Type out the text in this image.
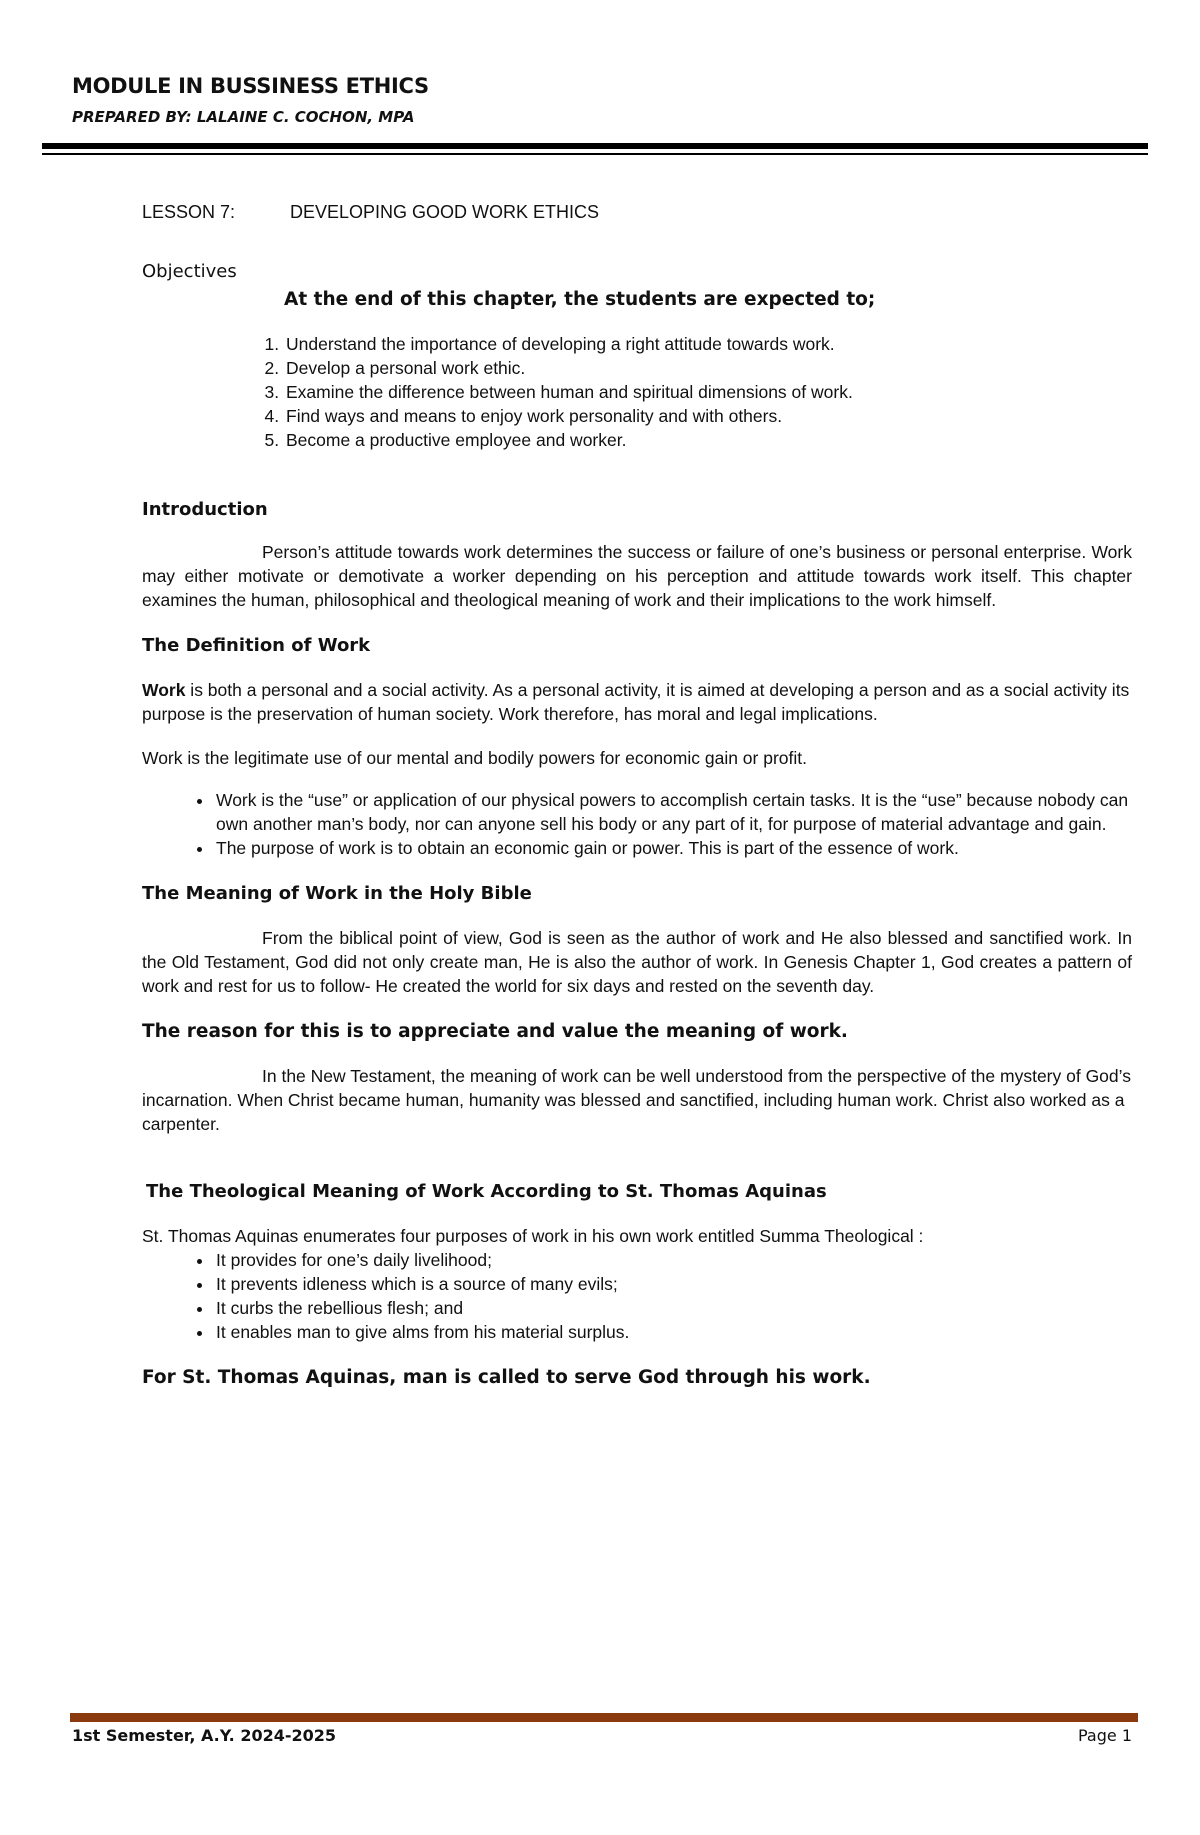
MODULE IN BUSSINESS ETHICS
PREPARED BY: LALAINE C. COCHON, MPA
LESSON 7:	DEVELOPING GOOD WORK ETHICS
Objectives
At the end of this chapter, the students are expected to;
1. Understand the importance of developing a right attitude towards work.
2. Develop a personal work ethic.
3. Examine the difference between human and spiritual dimensions of work.
4. Find ways and means to enjoy work personality and with others.
5. Become a productive employee and worker.
Introduction

Person’s attitude towards work determines the success or failure of one’s business or personal enterprise. Work may either motivate or demotivate a worker depending on his perception and attitude towards work itself. This chapter examines the human, philosophical and theological meaning of work and their implications to the work himself.

The Definition of Work

Work is both a personal and a social activity. As a personal activity, it is aimed at developing a person and as a social activity its purpose is the preservation of human society. Work therefore, has moral and legal implications.

Work is the legitimate use of our mental and bodily powers for economic gain or profit.

• Work is the “use” or application of our physical powers to accomplish certain tasks. It is the “use” because nobody can own another man’s body, nor can anyone sell his body or any part of it, for purpose of material advantage and gain.
• The purpose of work is to obtain an economic gain or power. This is part of the essence of work.
The Meaning of Work in the Holy Bible

From the biblical point of view, God is seen as the author of work and He also blessed and sanctified work. In the Old Testament, God did not only create man, He is also the author of work. In Genesis Chapter 1, God creates a pattern of work and rest for us to follow- He created the world for six days and rested on the seventh day.

The reason for this is to appreciate and value the meaning of work.

In the New Testament, the meaning of work can be well understood from the perspective of the mystery of God’s incarnation. When Christ became human, humanity was blessed and sanctified, including human work. Christ also worked as a carpenter.

The Theological Meaning of Work According to St. Thomas Aquinas

St. Thomas Aquinas enumerates four purposes of work in his own work entitled Summa Theological :

• It provides for one’s daily livelihood;
• It prevents idleness which is a source of many evils;
• It curbs the rebellious flesh; and
• It enables man to give alms from his material surplus.
For St. Thomas Aquinas, man is called to serve God through his work.
1st Semester, A.Y. 2024-2025	Page 1
